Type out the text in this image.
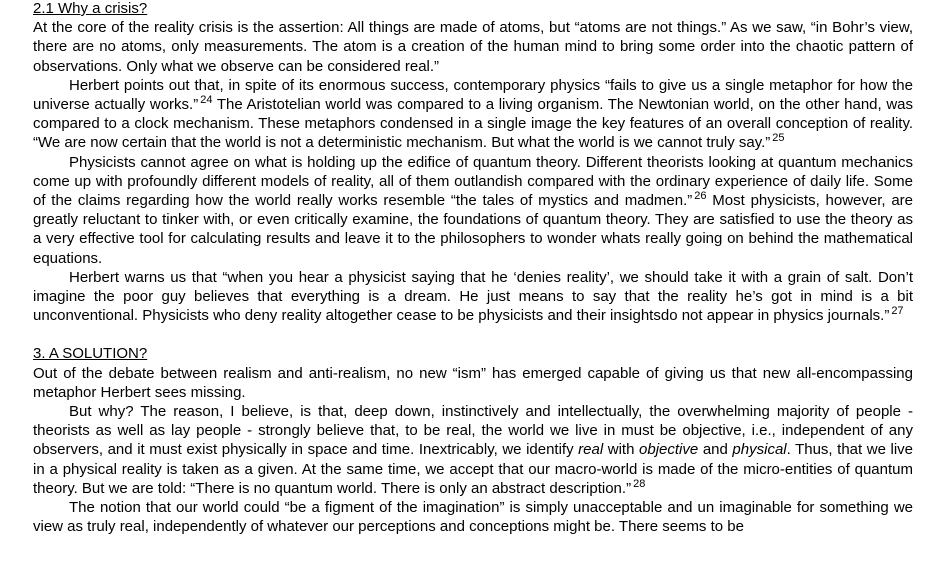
2.1 Why a crisis?

At the core of the reality crisis is the assertion: All things are made of atoms, but “atoms are not things.” As we saw, “in Bohr’s view, there are no atoms, only measurements. The atom is a creation of the human mind to bring some order into the chaotic pattern of observations. Only what we observe can be considered real.”

Herbert points out that, in spite of its enormous success, contemporary physics “fails to give us a single metaphor for how the universe actually works.” $^{24}$ The Aristotelian world was compared to a living organism. The Newtonian world, on the other hand, was compared to a clock mechanism. These metaphors condensed in a single image the key features of an overall conception of reality. “We are now certain that the world is not a deterministic mechanism. But what the world is we cannot truly say.” $^{25}$

Physicists cannot agree on what is holding up the edifice of quantum theory. Different theorists looking at quantum mechanics come up with profoundly different models of reality, all of them outlandish compared with the ordinary experience of daily life. Some of the claims regarding how the world really works resemble “the tales of mystics and madmen.” $^{26}$ Most physicists, however, are greatly reluctant to tinker with, or even critically examine, the foundations of quantum theory. They are satisfied to use the theory as a very effective tool for calculating results and leave it to the philosophers to wonder whats really going on behind the mathematical equations.

Herbert warns us that “when you hear a physicist saying that he ‘denies reality’, we should take it with a grain of salt. Don’t imagine the poor guy believes that everything is a dream. He just means to say that the reality he’s got in mind is a bit unconventional. Physicists who deny reality altogether cease to be physicists and their insightsdo not appear in physics journals.” $^{27}$

3. A SOLUTION?

Out of the debate between realism and anti-realism, no new “ism” has emerged capable of giving us that new all-encompassing metaphor Herbert sees missing.

But why? The reason, I believe, is that, deep down, instinctively and intellectually, the overwhelming majority of people - theorists as well as lay people - strongly believe that, to be real, the world we live in must be objective, i.e., independent of any observers, and it must exist physically in space and time. Inextricably, we identify real with objective and physical. Thus, that we live in a physical reality is taken as a given. At the same time, we accept that our macro-world is made of the micro-entities of quantum theory. But we are told: “There is no quantum world. There is only an abstract description.” $^{28}$

The notion that our world could “be a figment of the imagination” is simply unacceptable and un imaginable for something we view as truly real, independently of whatever our perceptions and conceptions might be. There seems to be
